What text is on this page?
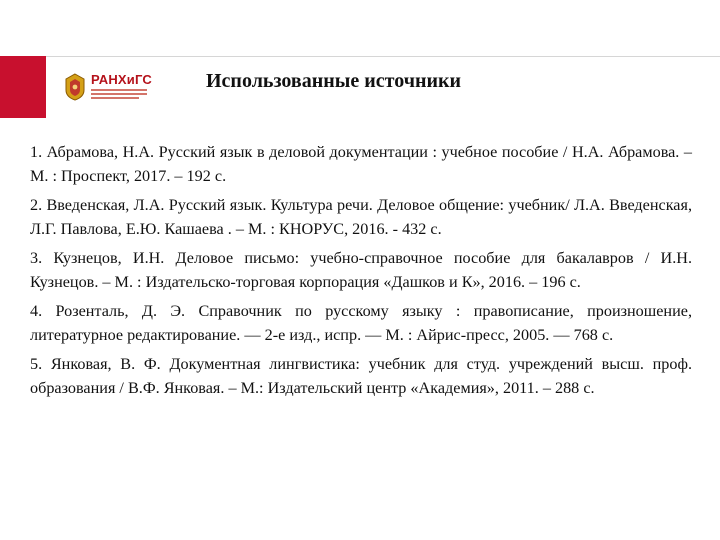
РАНХиГС	Использованные источники
1. Абрамова, Н.А. Русский язык в деловой документации : учебное пособие / Н.А. Абрамова. – М. : Проспект, 2017. – 192 с.
2. Введенская, Л.А. Русский язык. Культура речи. Деловое общение: учебник/ Л.А. Введенская, Л.Г. Павлова, Е.Ю. Кашаева . – М. : КНОРУС, 2016. - 432 с.
3. Кузнецов, И.Н. Деловое письмо: учебно-справочное пособие для бакалавров / И.Н. Кузнецов. – М. : Издательско-торговая корпорация «Дашков и К», 2016. – 196 с.
4. Розенталь, Д. Э. Справочник по русскому языку : правописание, произношение, литературное редактирование. — 2-е изд., испр. — М. : Айрис-пресс, 2005. — 768 с.
5. Янковая, В. Ф. Документная лингвистика: учебник для студ. учреждений высш. проф. образования / В.Ф. Янковая. – М.: Издательский центр «Академия», 2011. – 288 с.
